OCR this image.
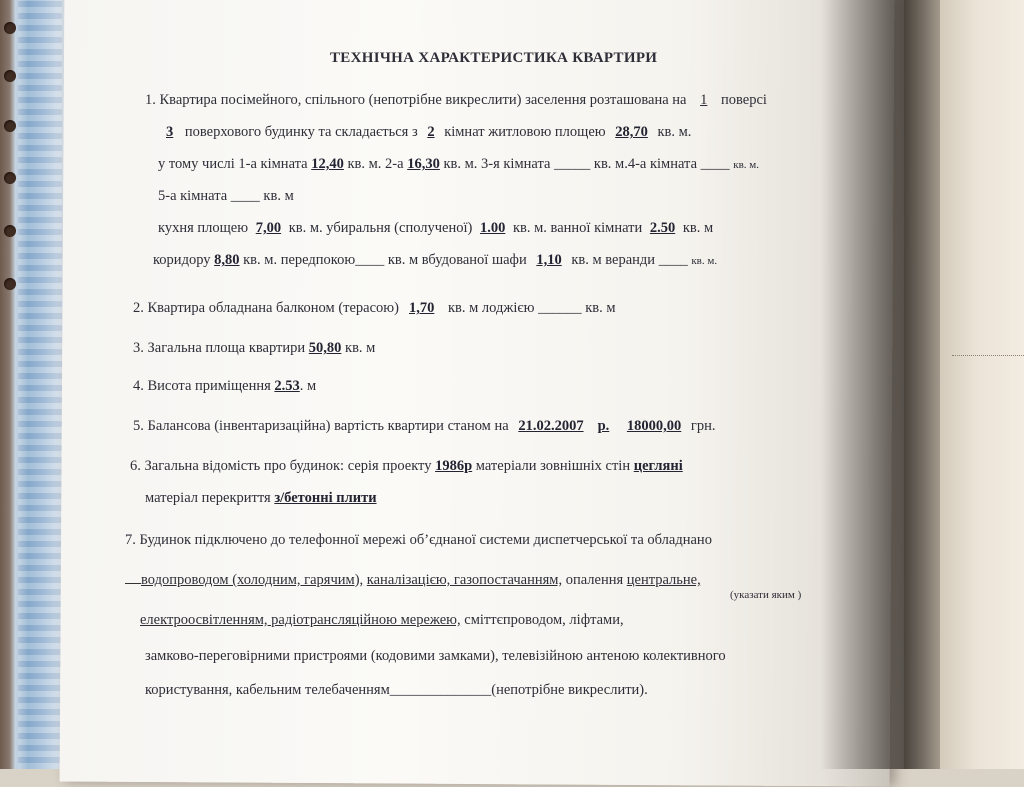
ТЕХНІЧНА ХАРАКТЕРИСТИКА КВАРТИРИ
1. Квартира посімейного, спільного (непотрібне викреслити) заселення розташована на 1 поверсі
3 поверхового будинку та складається з 2 кімнат житловою площею 28,70 кв. м.
у тому числі 1-а кімната 12,40 кв. м. 2-а 16,30 кв. м. 3-я кімната _____ кв. м.4-а кімната ____ кв. м.
5-а кімната ____ кв. м
кухня площею 7,00 кв. м. убиральня (сполученої) 1.00 кв. м. ванної кімнати 2.50 кв. м
коридору 8,80 кв. м. передпокою____ кв. м вбудованої шафи 1,10 кв. м веранди ____ кв. м.
2. Квартира обладнана балконом (терасою) 1,70 кв. м лоджією ______ кв. м
3. Загальна площа квартири 50,80 кв. м
4. Висота приміщення 2.53. м
5. Балансова (інвентаризаційна) вартість квартири станом на 21.02.2007 р. 18000,00 грн.
6. Загальна відомість про будинок: серія проекту 1986р матеріали зовнішніх стін цегляні
матеріал перекриття з/бетонні плити
7. Будинок підключено до телефонної мережі об’єднаної системи диспетчерської та обладнано
водопроводом (холодним, гарячим), каналізацією, газопостачанням, опалення центральне,
(указати яким )
електроосвітленням, радіотрансляційною мережею, сміттєпроводом, ліфтами,
замково-переговірними пристроями (кодовими замками), телевізійною антеною колективного
користування, кабельним телебаченням______________(непотрібне викреслити).
